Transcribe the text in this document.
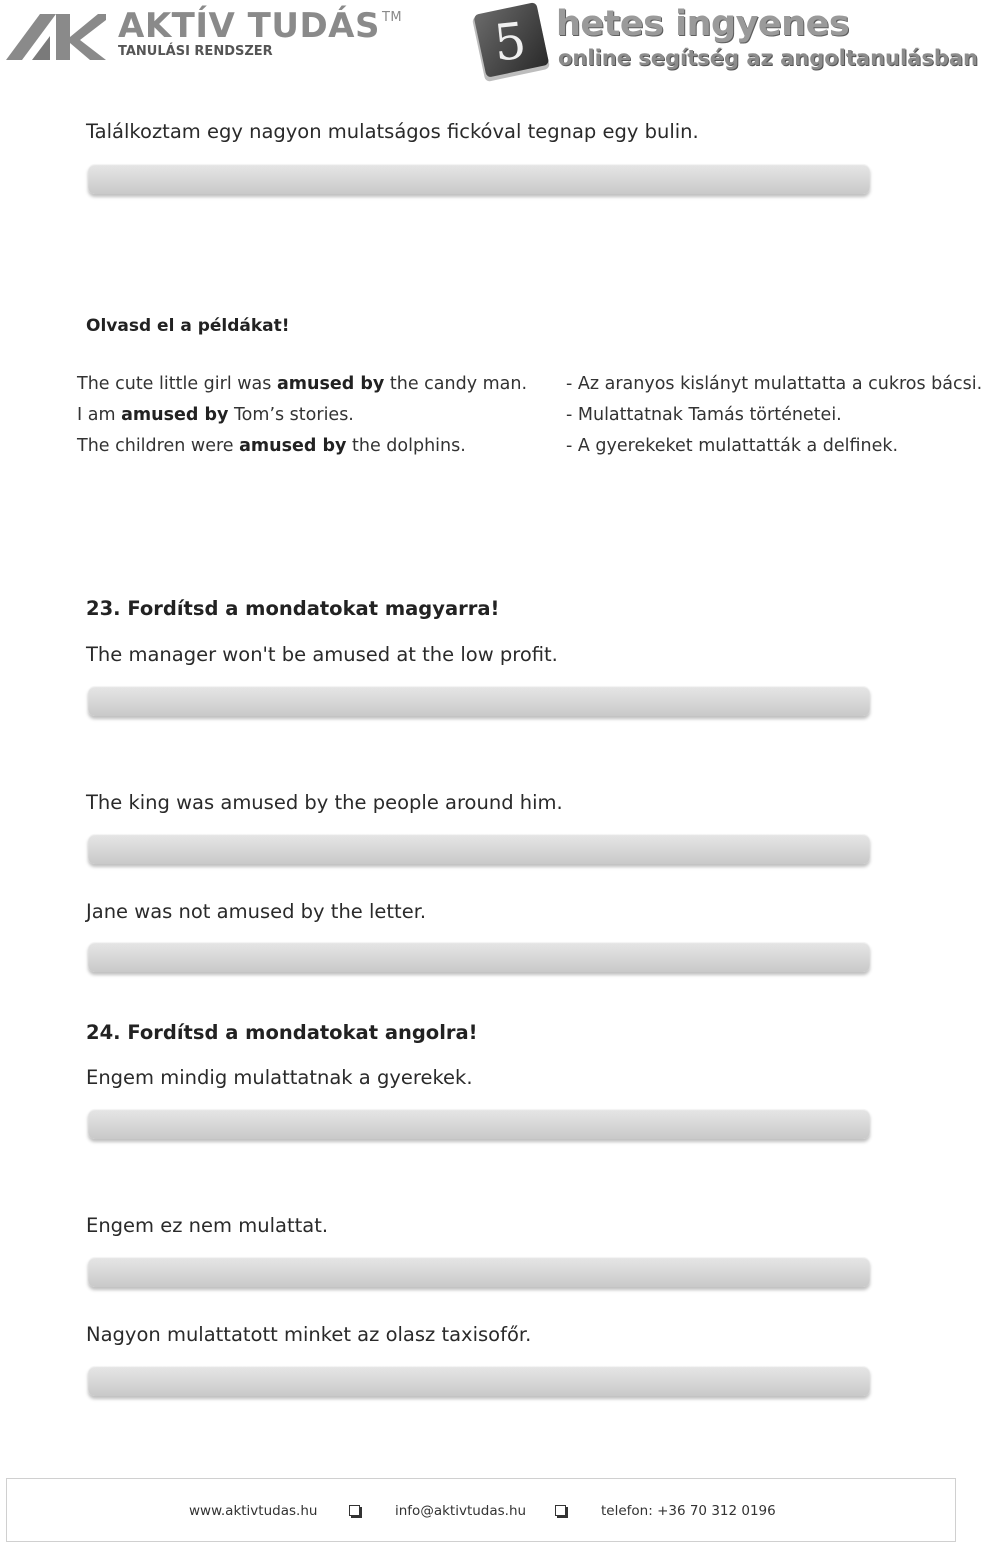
AKTÍV TUDÁS ™
TANULÁSI RENDSZER	5 hetes ingyenes
online segítség az angoltanulásban
Találkoztam egy nagyon mulatságos fickóval tegnap egy bulin.
Olvasd el a példákat!
The cute little girl was amused by the candy man. - Az aranyos kislányt mulattatta a cukros bácsi.
I am amused by Tom’s stories.	- Mulattatnak Tamás történetei.
The children were amused by the dolphins.	- A gyerekeket mulattatták a delfinek.
23. Fordítsd a mondatokat magyarra!
The manager won't be amused at the low profit.
The king was amused by the people around him.
Jane was not amused by the letter.
24. Fordítsd a mondatokat angolra!
Engem mindig mulattatnak a gyerekek.
Engem ez nem mulattat.
Nagyon mulattatott minket az olasz taxisofőr.
www.aktivtudas.hu	info@aktivtudas.hu	telefon: +36 70 312 0196
